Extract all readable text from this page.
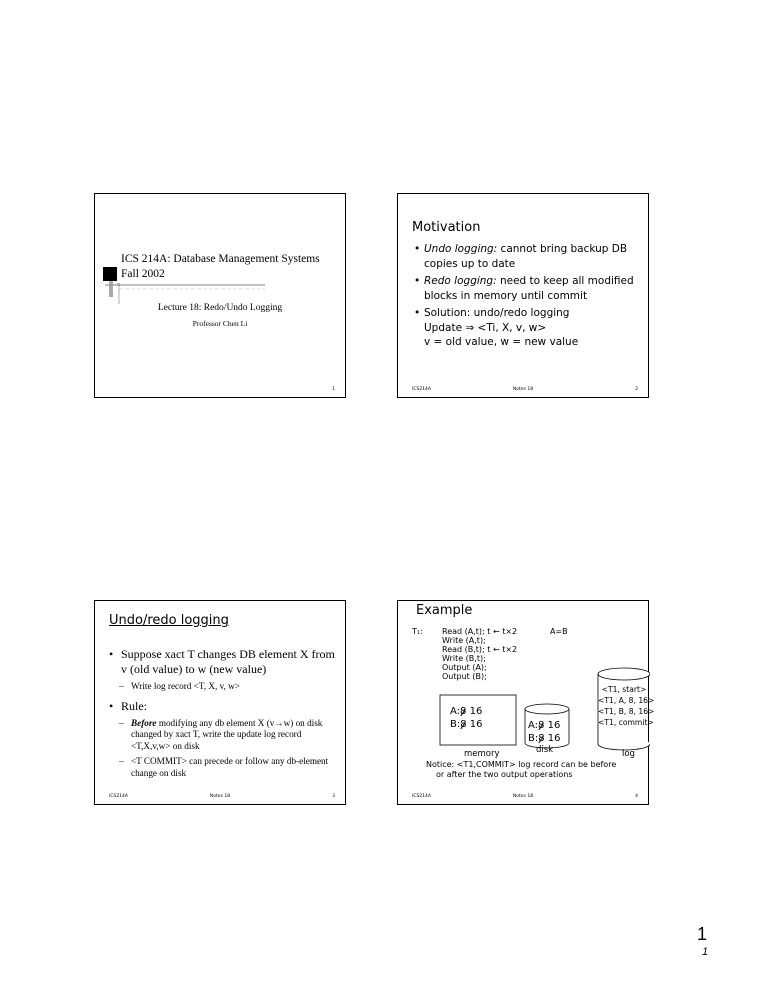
ICS 214A: Database Management Systems
Fall 2002
Lecture 18: Redo/Undo Logging
Professor Chen Li
1
Motivation
• Undo logging: cannot bring backup DB copies up to date
• Redo logging: need to keep all modified blocks in memory until commit
• Solution: undo/redo logging
Update ⇒ <Ti, X, v, w>
v = old value, w = new value
ICS214A	Notes 18	2
Undo/redo logging
• Suppose xact T changes DB element X from v (old value) to w (new value)
– Write log record <T, X, v, w>
• Rule:
– Before modifying any db element X (v→w) on disk changed by xact T, write the update log record <T,X,v,w> on disk
– <T COMMIT> can precede or follow any db-element change on disk
ICS214A	Notes 18	3
Example
T₁: Read (A,t); t ← t×2
Write (A,t);
Read (B,t); t ← t×2
Write (B,t);
Output (A);
Output (B);
A=B
A:8 16
B:8 16	A:8 16
B:8 16
<T1, start>
<T1, A, 8, 16>
<T1, B, 8, 16>
<T1, commit>
memory	disk	log
Notice: <T1,COMMIT> log record can be before
or after the two output operations
ICS214A	Notes 18	4
1
1
